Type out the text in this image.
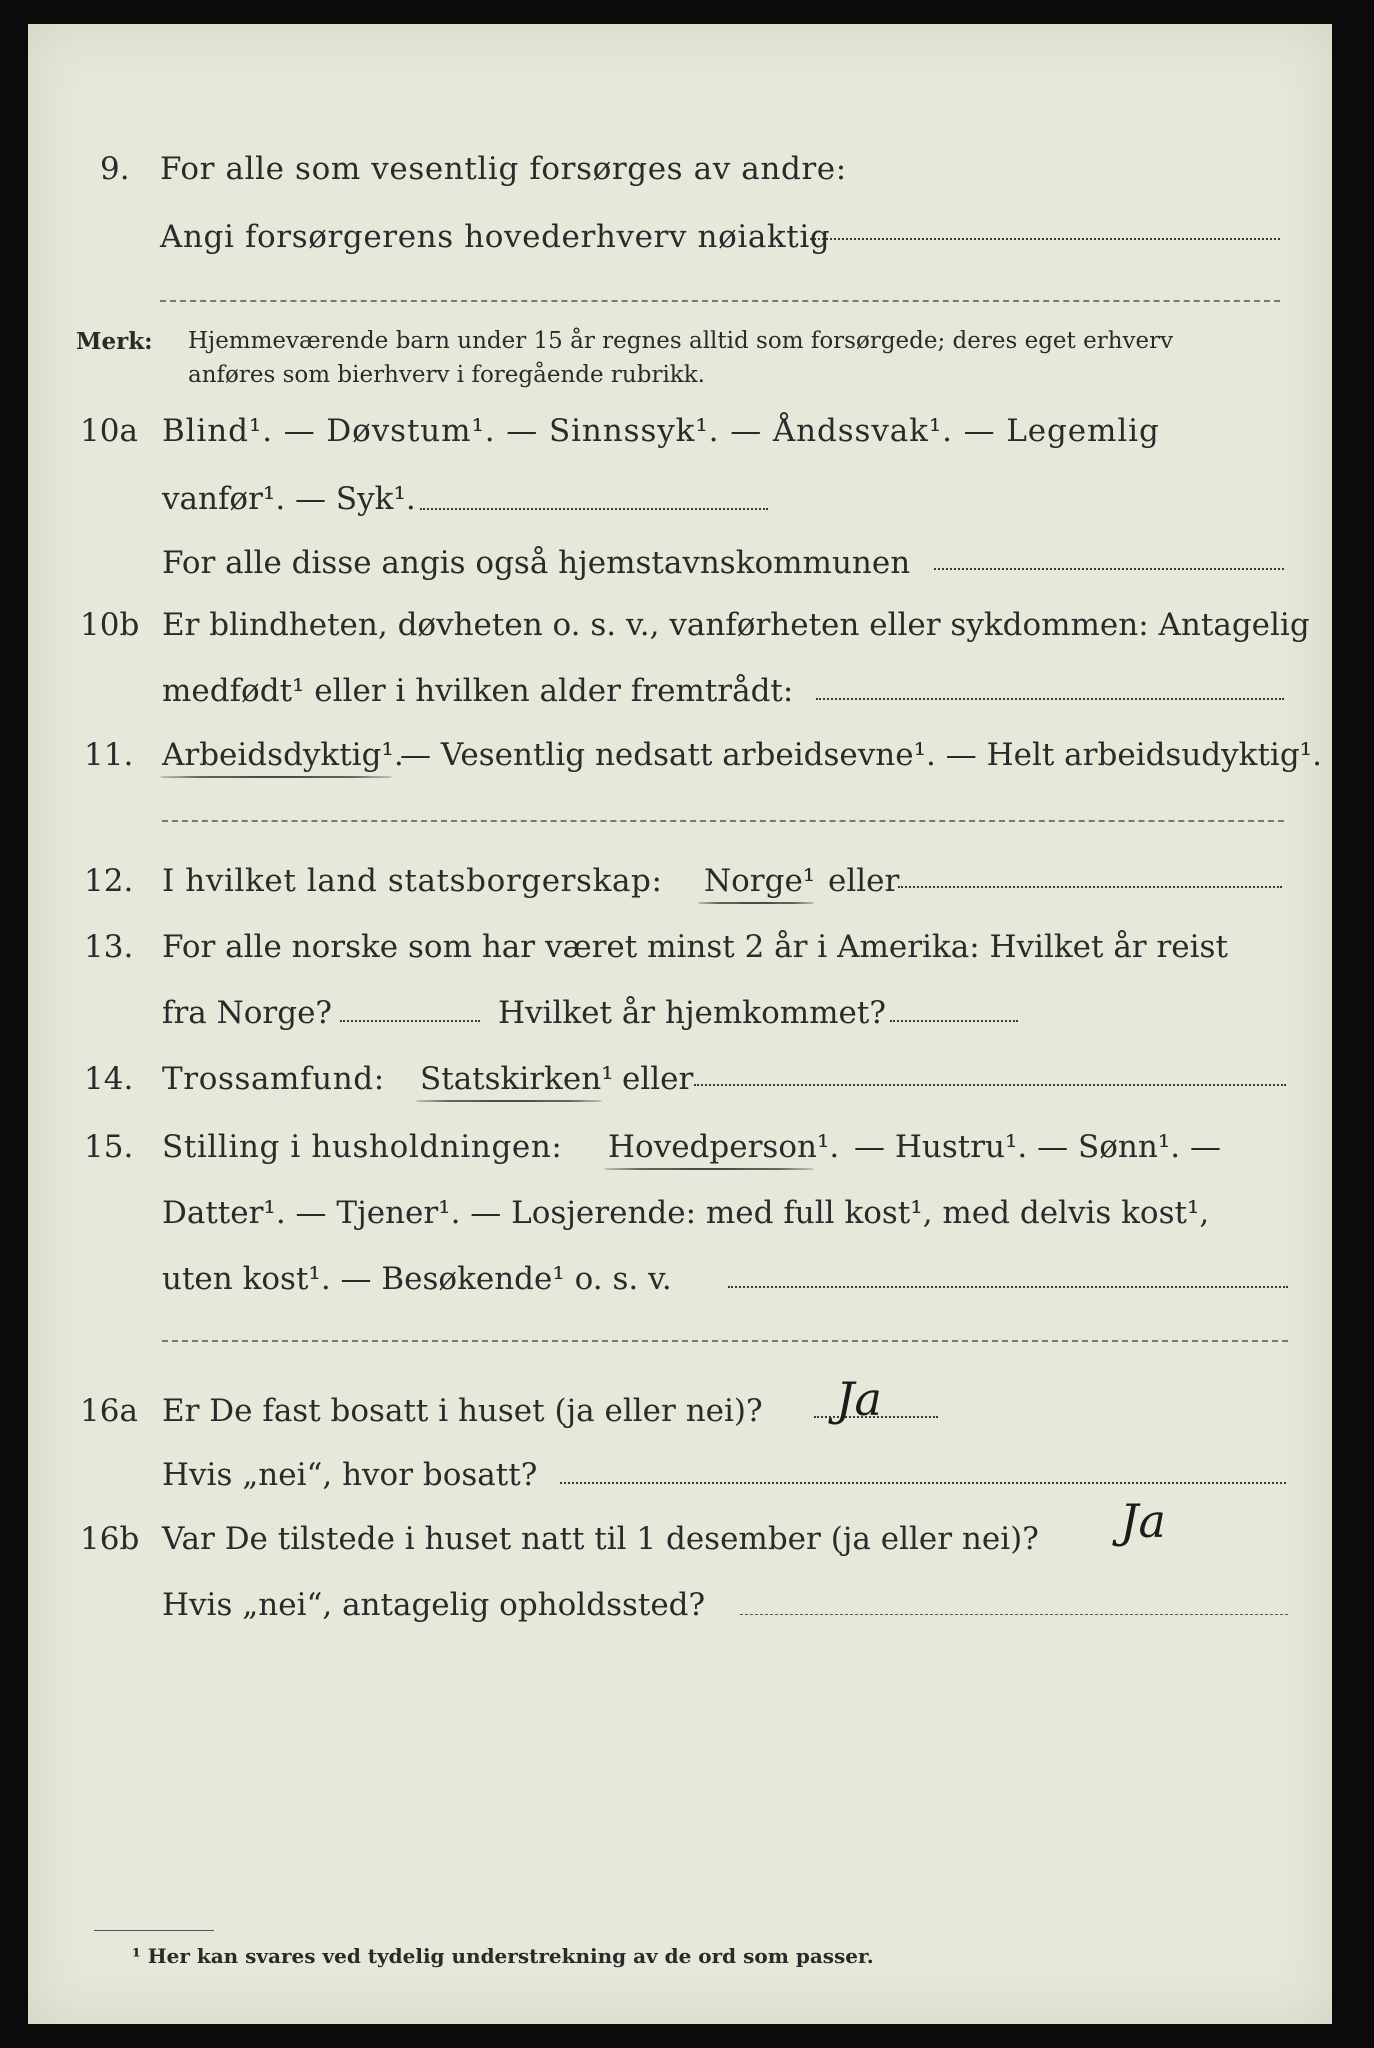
9. For alle som vesentlig forsørges av andre:
Angi forsørgerens hovederhverv nøiaktig
Merk: Hjemmeværende barn under 15 år regnes alltid som forsørgede; deres eget erhverv
anføres som bierhverv i foregående rubrikk.
10a Blind¹. — Døvstum¹. — Sinnssyk¹. — Åndssvak¹. — Legemlig
vanfør¹. — Syk¹.
For alle disse angis også hjemstavnskommunen
10b Er blindheten, døvheten o. s. v., vanførheten eller sykdommen: Antagelig
medfødt¹ eller i hvilken alder fremtrådt:
11. Arbeidsdyktig¹.
— Vesentlig nedsatt arbeidsevne¹. — Helt arbeidsudyktig¹.
12. I hvilket land statsborgerskap: Norge¹ eller
13. For alle norske som har været minst 2 år i Amerika: Hvilket år reist
fra Norge?	Hvilket år hjemkommet?
14. Trossamfund: Statskirken¹ eller
15. Stilling i husholdningen: Hovedperson¹. — Hustru¹. — Sønn¹. —
Datter¹. — Tjener¹. — Losjerende: med full kost¹, med delvis kost¹,
uten kost¹. — Besøkende¹ o. s. v.
16a Er De fast bosatt i huset (ja eller nei)? Ja
Hvis „nei“, hvor bosatt?
16b Var De tilstede i huset natt til 1 desember (ja eller nei)? Ja
Hvis „nei“, antagelig opholdssted?
¹ Her kan svares ved tydelig understrekning av de ord som passer.
